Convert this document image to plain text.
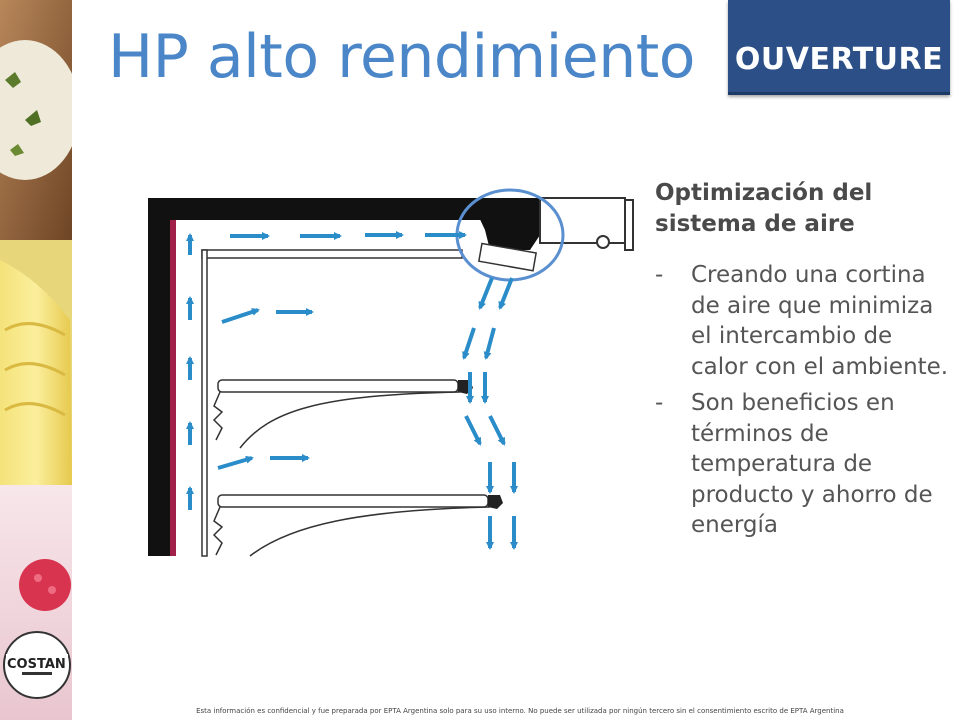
COSTAN
HP alto rendimiento OUVERTURE
Optimización del sistema de aire
- Creando una cortina de aire que minimiza el intercambio de calor con el ambiente.
- Son beneficios en términos de temperatura de producto y ahorro de energía
Esta información es confidencial y fue preparada por EPTA Argentina solo para su uso interno. No puede ser utilizada por ningún tercero sin el consentimiento escrito de EPTA Argentina
